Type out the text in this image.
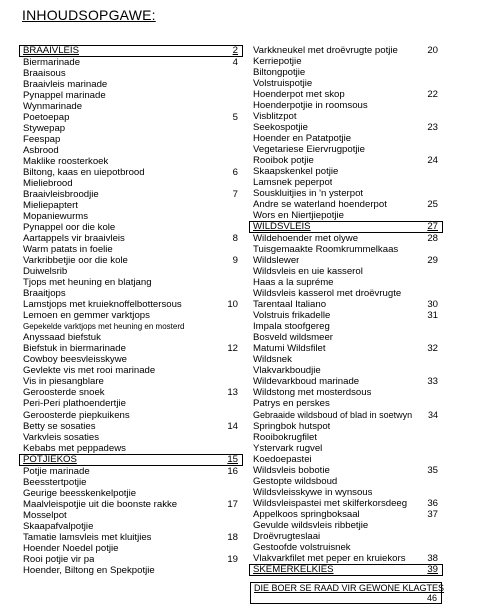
INHOUDSOPGAWE:
BRAAIVLEIS	2
Biermarinade	4
Braaisous
Braaivleis marinade
Pynappel marinade
Wynmarinade
Poetoepap	5
Stywepap
Feespap
Asbrood
Maklike roosterkoek
Biltong, kaas en uiepotbrood	6
Mieliebrood
Braaivleisbroodjie	7
Mieliepaptert
Mopaniewurms
Pynappel oor die kole
Aartappels vir braaivleis	8
Warm patats in foelie
Varkribbetjie oor die kole	9
Duiwelsrib
Tjops met heuning en blatjang
Braaitjops
Lamstjops met kruieknoffelbottersous	10
Lemoen en gemmer varktjops
Gepekelde varktjops met heuning en mosterd
Anyssaad biefstuk
Biefstuk in biermarinade	12
Cowboy beesvleisskywe
Gevlekte vis met rooi marinade
Vis in piesangblare
Geroosterde snoek	13
Peri-Peri plathoendertjie
Geroosterde piepkuikens
Betty se sosaties	14
Varkvleis sosaties
Kebabs met peppadews
POTJIEKOS	15
Potjie marinade	16
Beesstertpotjie
Geurige beesskenkelpotjie
Maalvleispotjie uit die boonste rakke	17
Mosselpot
Skaapafvalpotjie
Tamatie lamsvleis met kluitjies	18
Hoender Noedel potjie
Rooi potjie vir pa	19
Hoender, Biltong en Spekpotjie
Varkkneukel met droëvrugte potjie	20
Kerriepotjie
Biltongpotjie
Volstruispotjie
Hoenderpot met skop	22
Hoenderpotjie in roomsous
Visblitzpot
Seekospotjie	23
Hoender en Patatpotjie
Vegetariese Eiervrugpotjie
Rooibok potjie	24
Skaapskenkel potjie
Lamsnek peperpot
Souskluitjies in 'n ysterpot
Andre se waterland hoenderpot	25
Wors en Niertjiepotjie
WILDSVLEIS	27
Wildehoender met olywe	28
Tuisgemaakte Roomkrummelkaas
Wildslewer	29
Wildsvleis en uie kasserol
Haas a la supréme
Wildsvleis kasserol met droëvrugte
Tarentaal Italiano	30
Volstruis frikadelle	31
Impala stoofgereg
Bosveld wildsmeer
Matumi Wildsfilet	32
Wildsnek
Vlakvarkboudjie
Wildevarkboud marinade	33
Wildstong met mosterdsous
Patrys en perskes
Gebraaide wildsboud of blad in soetwyn 34
Springbok hutspot
Rooibokrugfilet
Ystervark rugvel
Koedoepastei
Wildsvleis bobotie	35
Gestopte wildsboud
Wildsvleisskywe in wynsous
Wildsvleispastei met skilferkorsdeeg 36
Appelkoos springboksaal	37
Gevulde wildsvleis ribbetjie
Droëvrugteslaai
Gestoofde volstruisnek
Vlakvarkfilet met peper en kruiekors 38
SKEMERKELKIES	39
DIE BOER SE RAAD VIR GEWONE KLAGTES
46
